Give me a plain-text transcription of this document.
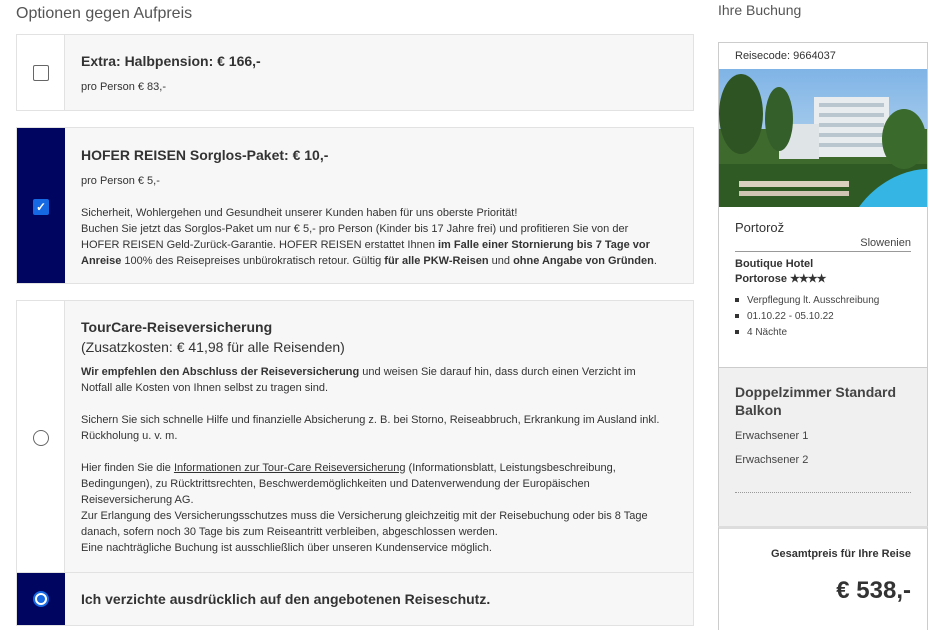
Optionen gegen Aufpreis	Ihre Buchung
Extra: Halbpension: € 166,-
pro Person € 83,-
✓
HOFER REISEN Sorglos-Paket: € 10,-
pro Person € 5,-
Sicherheit, Wohlergehen und Gesundheit unserer Kunden haben für uns oberste Priorität!
Buchen Sie jetzt das Sorglos-Paket um nur € 5,- pro Person (Kinder bis 17 Jahre frei) und profitieren Sie von der
HOFER REISEN Geld-Zurück-Garantie. HOFER REISEN erstattet Ihnen im Falle einer Stornierung bis 7 Tage vor
Anreise 100% des Reisepreises unbürokratisch retour. Gültig für alle PKW-Reisen und ohne Angabe von Gründen.
TourCare-Reiseversicherung
(Zusatzkosten: € 41,98 für alle Reisenden)
Wir empfehlen den Abschluss der Reiseversicherung und weisen Sie darauf hin, dass durch einen Verzicht im
Notfall alle Kosten von Ihnen selbst zu tragen sind.
Sichern Sie sich schnelle Hilfe und finanzielle Absicherung z. B. bei Storno, Reiseabbruch, Erkrankung im Ausland inkl.
Rückholung u. v. m.
Hier finden Sie die Informationen zur Tour-Care Reiseversicherung (Informationsblatt, Leistungsbeschreibung,
Bedingungen), zu Rücktrittsrechten, Beschwerdemöglichkeiten und Datenverwendung der Europäischen
Reiseversicherung AG.
Zur Erlangung des Versicherungsschutzes muss die Versicherung gleichzeitig mit der Reisebuchung oder bis 8 Tage
danach, sofern noch 30 Tage bis zum Reiseantritt verbleiben, abgeschlossen werden.
Eine nachträgliche Buchung ist ausschließlich über unseren Kundenservice möglich.
Ich verzichte ausdrücklich auf den angebotenen Reiseschutz.
Reisecode: 9664037
Portorož
Slowenien
Boutique Hotel
Portorose ★★★★
Verpflegung lt. Ausschreibung
01.10.22 - 05.10.22
4 Nächte
Doppelzimmer Standard Balkon
Erwachsener 1
Erwachsener 2
Gesamtpreis für Ihre Reise
€ 538,-
